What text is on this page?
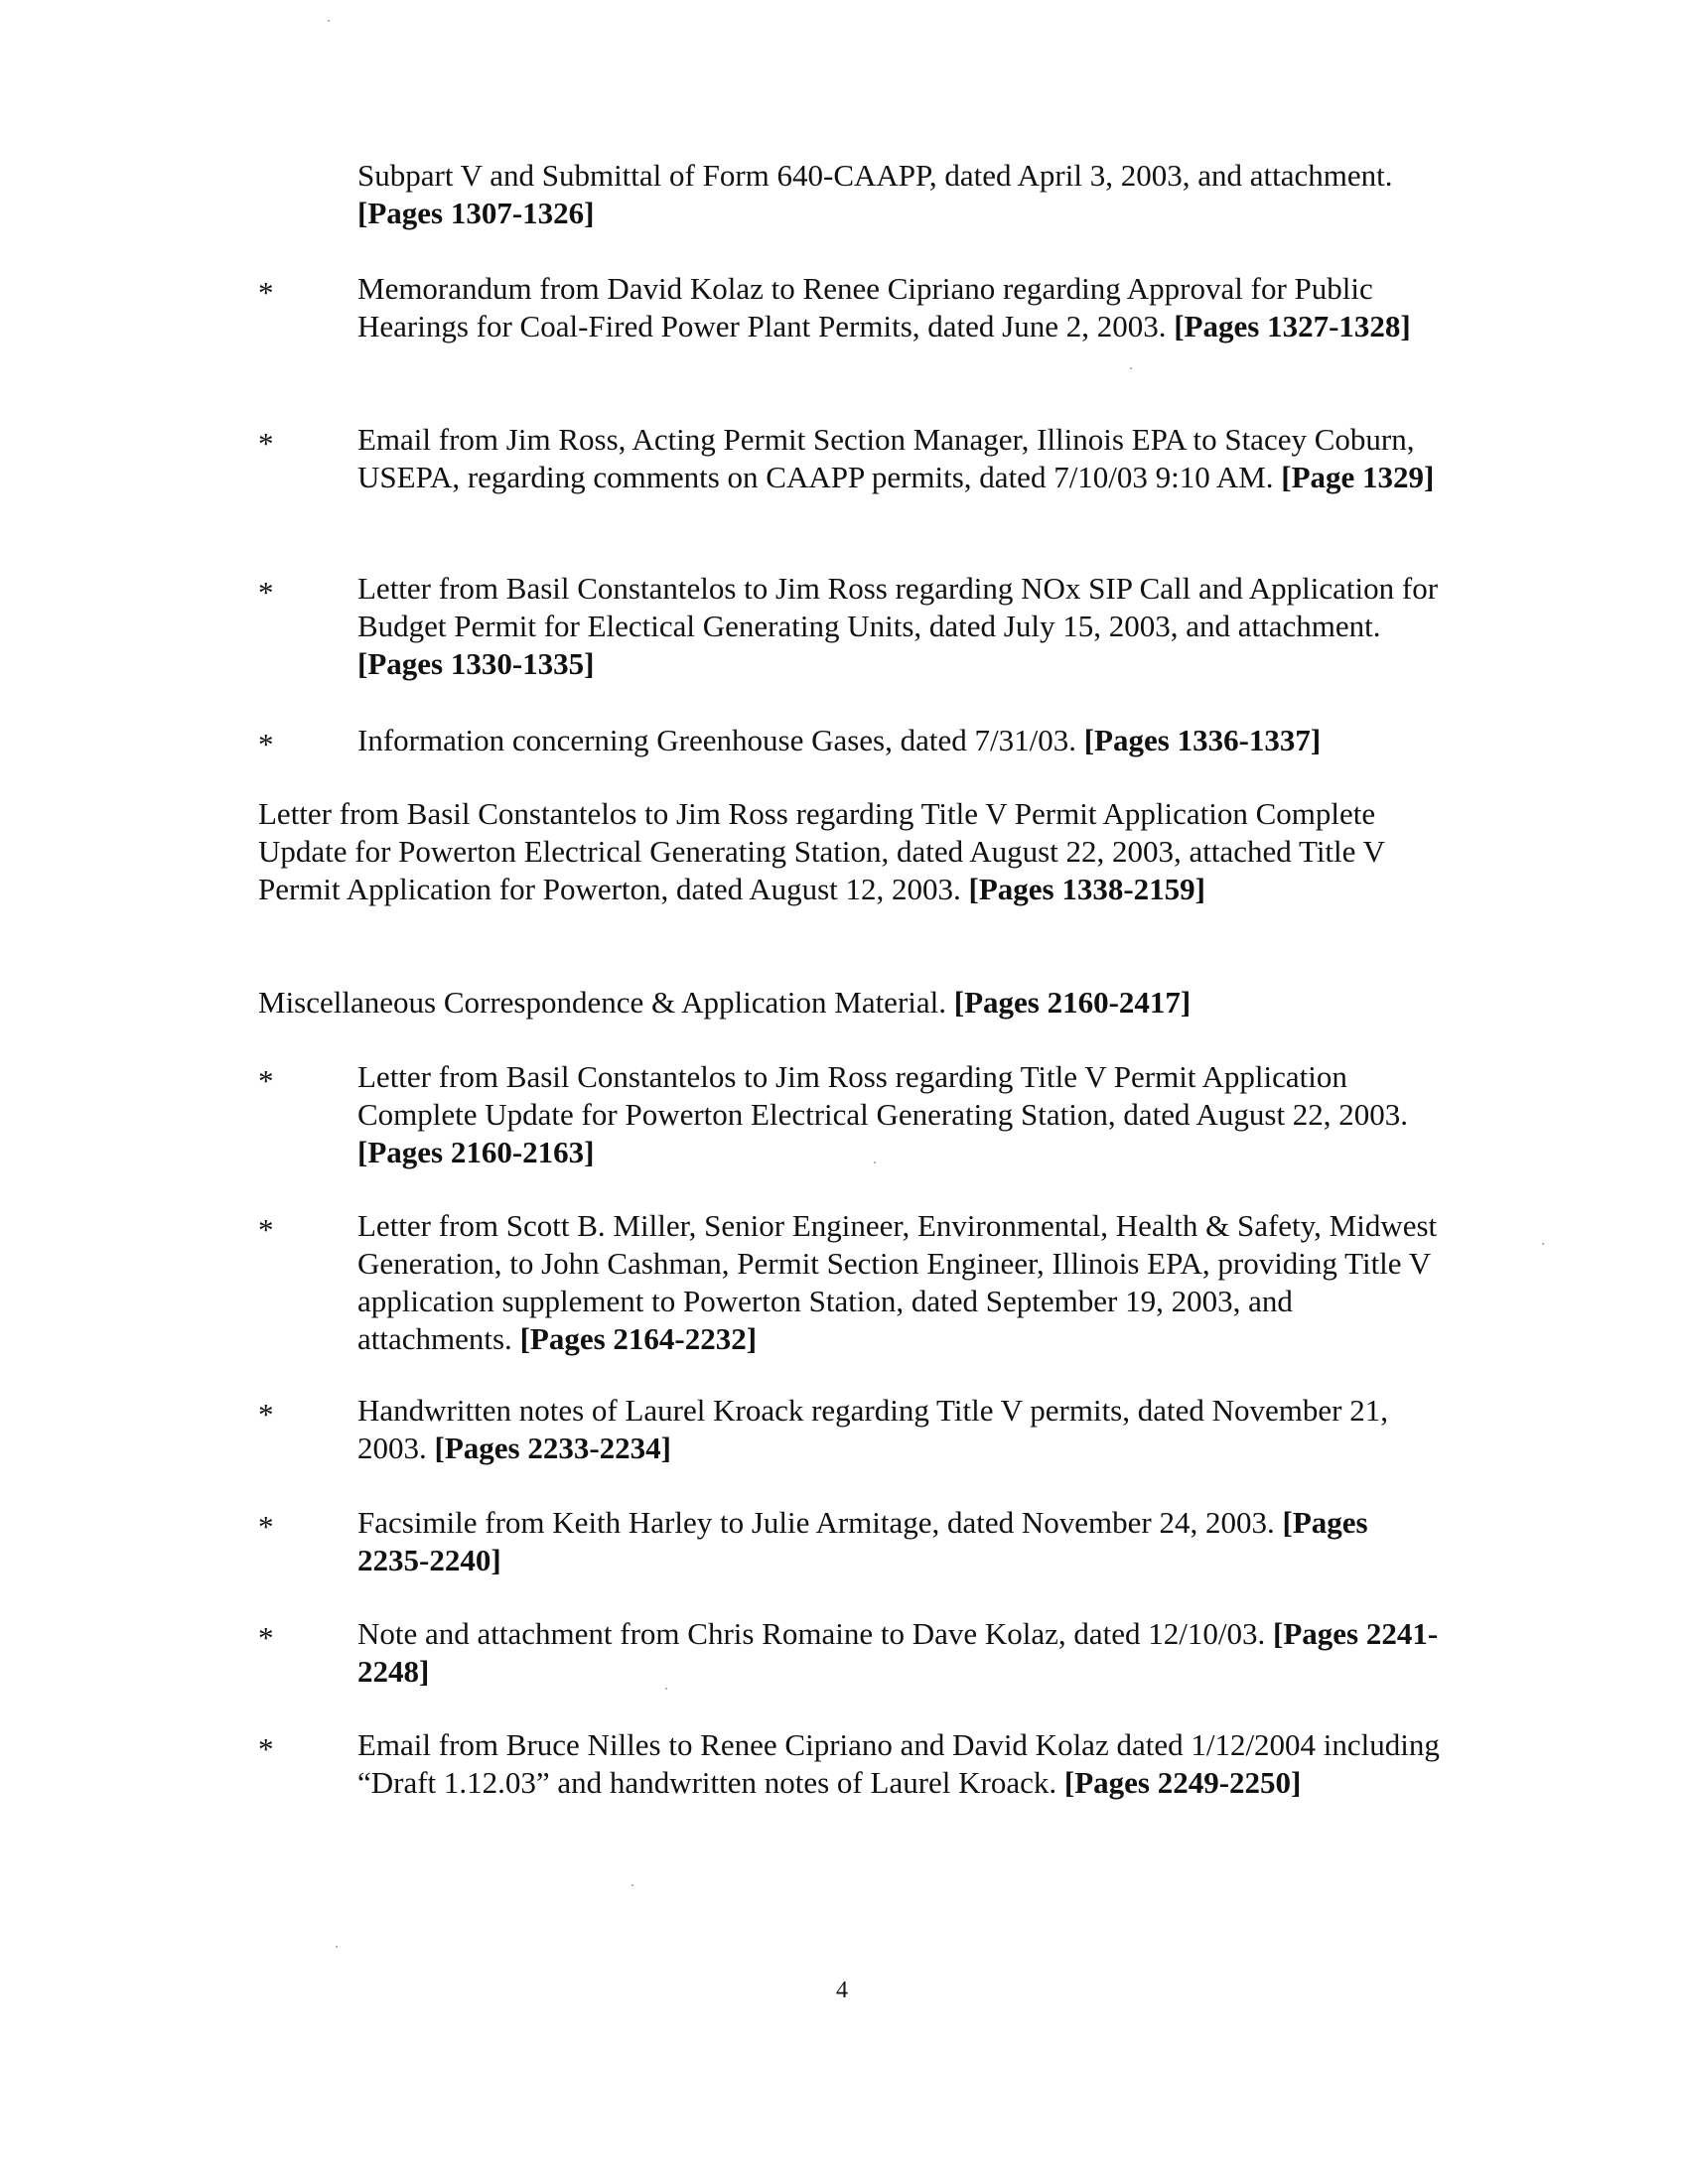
Subpart V and Submittal of Form 640-CAAPP, dated April 3, 2003, and attachment. [Pages 1307-1326]
*	Memorandum from David Kolaz to Renee Cipriano regarding Approval for Public Hearings for Coal-Fired Power Plant Permits, dated June 2, 2003. [Pages 1327-1328]
*	Email from Jim Ross, Acting Permit Section Manager, Illinois EPA to Stacey Coburn, USEPA, regarding comments on CAAPP permits, dated 7/10/03 9:10 AM. [Page 1329]
*	Letter from Basil Constantelos to Jim Ross regarding NOx SIP Call and Application for Budget Permit for Electical Generating Units, dated July 15, 2003, and attachment. [Pages 1330-1335]
*	Information concerning Greenhouse Gases, dated 7/31/03. [Pages 1336-1337]
Letter from Basil Constantelos to Jim Ross regarding Title V Permit Application Complete Update for Powerton Electrical Generating Station, dated August 22, 2003, attached Title V Permit Application for Powerton, dated August 12, 2003. [Pages 1338-2159]
Miscellaneous Correspondence & Application Material. [Pages 2160-2417]
*	Letter from Basil Constantelos to Jim Ross regarding Title V Permit Application Complete Update for Powerton Electrical Generating Station, dated August 22, 2003. [Pages 2160-2163]
*	Letter from Scott B. Miller, Senior Engineer, Environmental, Health & Safety, Midwest Generation, to John Cashman, Permit Section Engineer, Illinois EPA, providing Title V application supplement to Powerton Station, dated September 19, 2003, and attachments. [Pages 2164-2232]
*	Handwritten notes of Laurel Kroack regarding Title V permits, dated November 21, 2003. [Pages 2233-2234]
*	Facsimile from Keith Harley to Julie Armitage, dated November 24, 2003. [Pages 2235-2240]
*	Note and attachment from Chris Romaine to Dave Kolaz, dated 12/10/03. [Pages 2241-2248]
*	Email from Bruce Nilles to Renee Cipriano and David Kolaz dated 1/12/2004 including “Draft 1.12.03” and handwritten notes of Laurel Kroack. [Pages 2249-2250]
4
